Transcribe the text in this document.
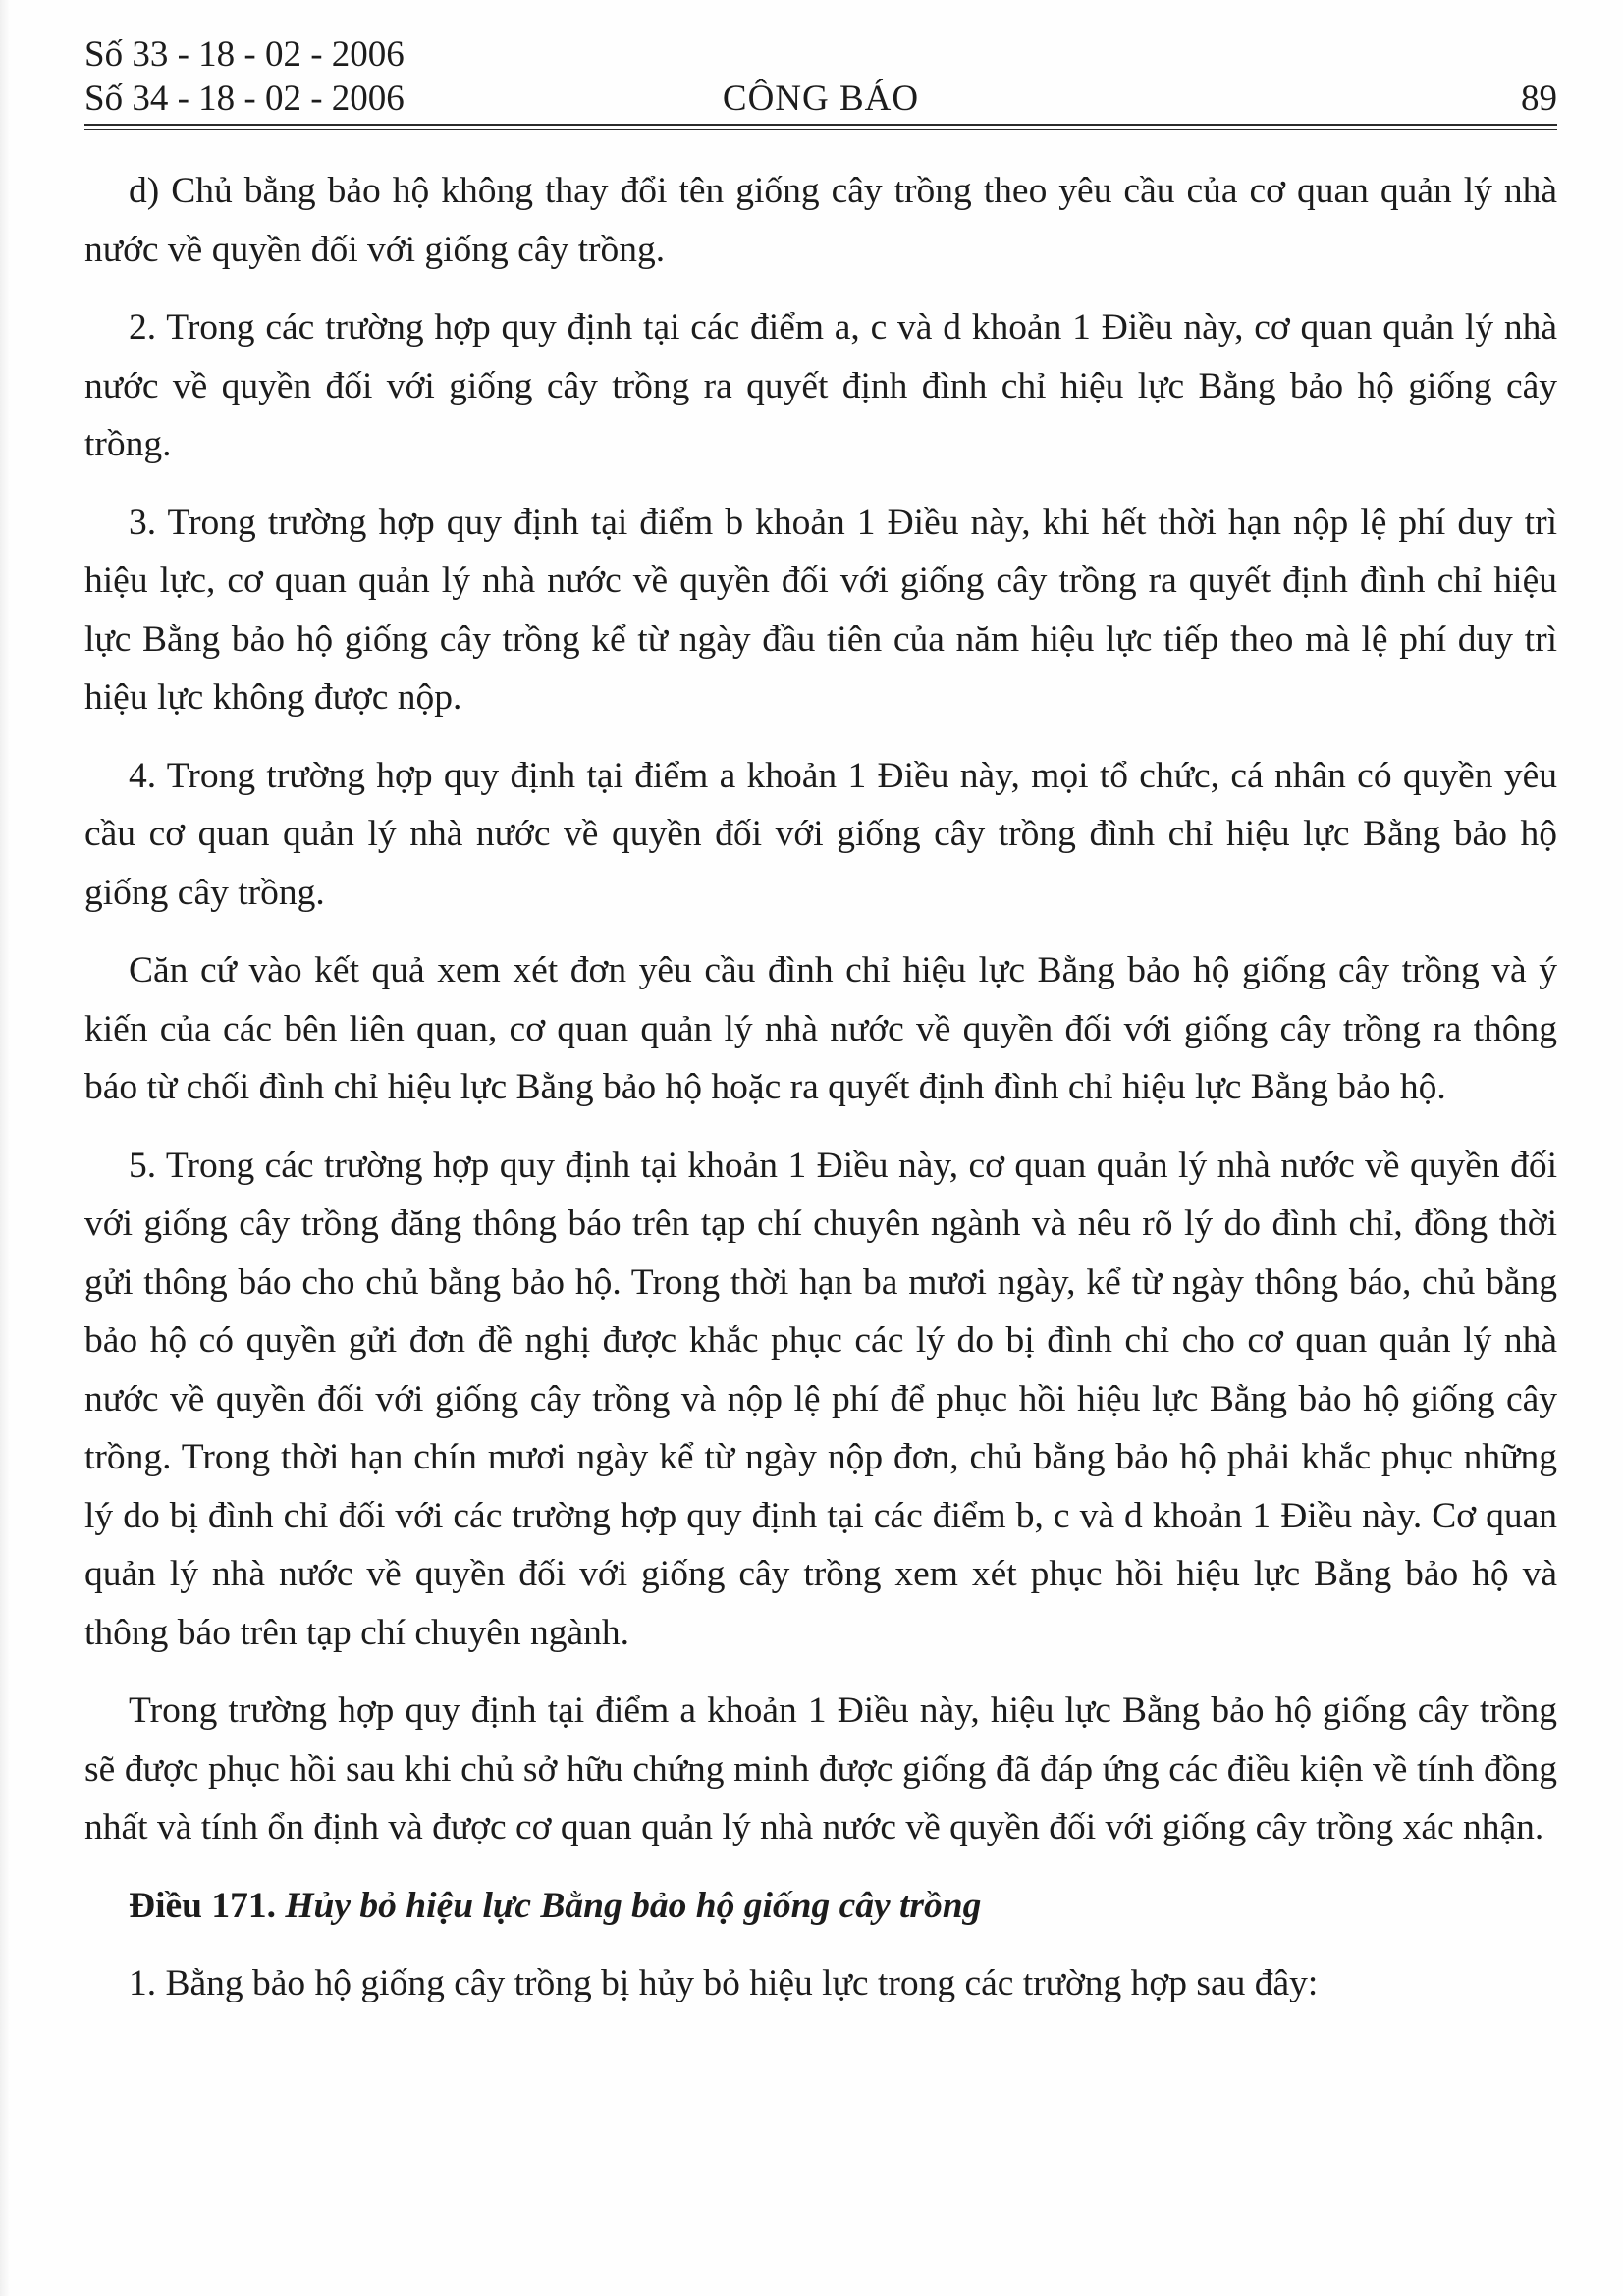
Số 33 - 18 - 02 - 2006
Số 34 - 18 - 02 - 2006	CÔNG BÁO	89

d) Chủ bằng bảo hộ không thay đổi tên giống cây trồng theo yêu cầu của cơ quan quản lý nhà nước về quyền đối với giống cây trồng.

2. Trong các trường hợp quy định tại các điểm a, c và d khoản 1 Điều này, cơ quan quản lý nhà nước về quyền đối với giống cây trồng ra quyết định đình chỉ hiệu lực Bằng bảo hộ giống cây trồng.

3. Trong trường hợp quy định tại điểm b khoản 1 Điều này, khi hết thời hạn nộp lệ phí duy trì hiệu lực, cơ quan quản lý nhà nước về quyền đối với giống cây trồng ra quyết định đình chỉ hiệu lực Bằng bảo hộ giống cây trồng kể từ ngày đầu tiên của năm hiệu lực tiếp theo mà lệ phí duy trì hiệu lực không được nộp.

4. Trong trường hợp quy định tại điểm a khoản 1 Điều này, mọi tổ chức, cá nhân có quyền yêu cầu cơ quan quản lý nhà nước về quyền đối với giống cây trồng đình chỉ hiệu lực Bằng bảo hộ giống cây trồng.

Căn cứ vào kết quả xem xét đơn yêu cầu đình chỉ hiệu lực Bằng bảo hộ giống cây trồng và ý kiến của các bên liên quan, cơ quan quản lý nhà nước về quyền đối với giống cây trồng ra thông báo từ chối đình chỉ hiệu lực Bằng bảo hộ hoặc ra quyết định đình chỉ hiệu lực Bằng bảo hộ.

5. Trong các trường hợp quy định tại khoản 1 Điều này, cơ quan quản lý nhà nước về quyền đối với giống cây trồng đăng thông báo trên tạp chí chuyên ngành và nêu rõ lý do đình chỉ, đồng thời gửi thông báo cho chủ bằng bảo hộ. Trong thời hạn ba mươi ngày, kể từ ngày thông báo, chủ bằng bảo hộ có quyền gửi đơn đề nghị được khắc phục các lý do bị đình chỉ cho cơ quan quản lý nhà nước về quyền đối với giống cây trồng và nộp lệ phí để phục hồi hiệu lực Bằng bảo hộ giống cây trồng. Trong thời hạn chín mươi ngày kể từ ngày nộp đơn, chủ bằng bảo hộ phải khắc phục những lý do bị đình chỉ đối với các trường hợp quy định tại các điểm b, c và d khoản 1 Điều này. Cơ quan quản lý nhà nước về quyền đối với giống cây trồng xem xét phục hồi hiệu lực Bằng bảo hộ và thông báo trên tạp chí chuyên ngành.

Trong trường hợp quy định tại điểm a khoản 1 Điều này, hiệu lực Bằng bảo hộ giống cây trồng sẽ được phục hồi sau khi chủ sở hữu chứng minh được giống đã đáp ứng các điều kiện về tính đồng nhất và tính ổn định và được cơ quan quản lý nhà nước về quyền đối với giống cây trồng xác nhận.

Điều 171. Hủy bỏ hiệu lực Bằng bảo hộ giống cây trồng

1. Bằng bảo hộ giống cây trồng bị hủy bỏ hiệu lực trong các trường hợp sau đây:
